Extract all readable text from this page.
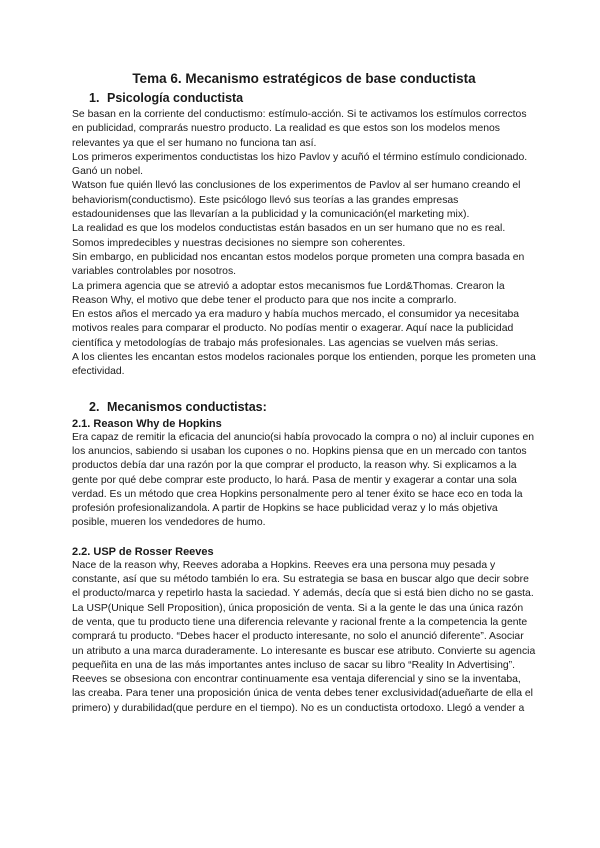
Tema 6. Mecanismo estratégicos de base conductista
1. Psicología conductista

Se basan en la corriente del conductismo: estímulo-acción. Si te activamos los estímulos correctos en publicidad, comprarás nuestro producto. La realidad es que estos son los modelos menos relevantes ya que el ser humano no funciona tan así.

Los primeros experimentos conductistas los hizo Pavlov y acuñó el término estímulo condicionado. Ganó un nobel.

Watson fue quién llevó las conclusiones de los experimentos de Pavlov al ser humano creando el behaviorism(conductismo). Este psicólogo llevó sus teorías a las grandes empresas estadounidenses que las llevarían a la publicidad y la comunicación(el marketing mix).

La realidad es que los modelos conductistas están basados en un ser humano que no es real. Somos impredecibles y nuestras decisiones no siempre son coherentes.

Sin embargo, en publicidad nos encantan estos modelos porque prometen una compra basada en variables controlables por nosotros.

La primera agencia que se atrevió a adoptar estos mecanismos fue Lord&Thomas. Crearon la Reason Why, el motivo que debe tener el producto para que nos incite a comprarlo.

En estos años el mercado ya era maduro y había muchos mercado, el consumidor ya necesitaba motivos reales para comparar el producto. No podías mentir o exagerar. Aquí nace la publicidad científica y metodologías de trabajo más profesionales. Las agencias se vuelven más serias.

A los clientes les encantan estos modelos racionales porque los entienden, porque les prometen una efectividad.

2. Mecanismos conductistas:
2.1. Reason Why de Hopkins

Era capaz de remitir la eficacia del anuncio(si había provocado la compra o no) al incluir cupones en los anuncios, sabiendo si usaban los cupones o no. Hopkins piensa que en un mercado con tantos productos debía dar una razón por la que comprar el producto, la reason why. Si explicamos a la gente por qué debe comprar este producto, lo hará. Pasa de mentir y exagerar a contar una sola verdad. Es un método que crea Hopkins personalmente pero al tener éxito se hace eco en toda la profesión profesionalizandola. A partir de Hopkins se hace publicidad veraz y lo más objetiva posible, mueren los vendedores de humo.

2.2. USP de Rosser Reeves

Nace de la reason why, Reeves adoraba a Hopkins. Reeves era una persona muy pesada y constante, así que su método también lo era. Su estrategia se basa en buscar algo que decir sobre el producto/marca y repetirlo hasta la saciedad. Y además, decía que si está bien dicho no se gasta. La USP(Unique Sell Proposition), única proposición de venta. Si a la gente le das una única razón de venta, que tu producto tiene una diferencia relevante y racional frente a la competencia la gente comprará tu producto. “Debes hacer el producto interesante, no solo el anunció diferente”. Asociar un atributo a una marca duraderamente. Lo interesante es buscar ese atributo. Convierte su agencia pequeñita en una de las más importantes antes incluso de sacar su libro “Reality In Advertising”. Reeves se obsesiona con encontrar continuamente esa ventaja diferencial y sino se la inventaba, las creaba. Para tener una proposición única de venta debes tener exclusividad(adueñarte de ella el primero) y durabilidad(que perdure en el tiempo). No es un conductista ortodoxo. Llegó a vender a
